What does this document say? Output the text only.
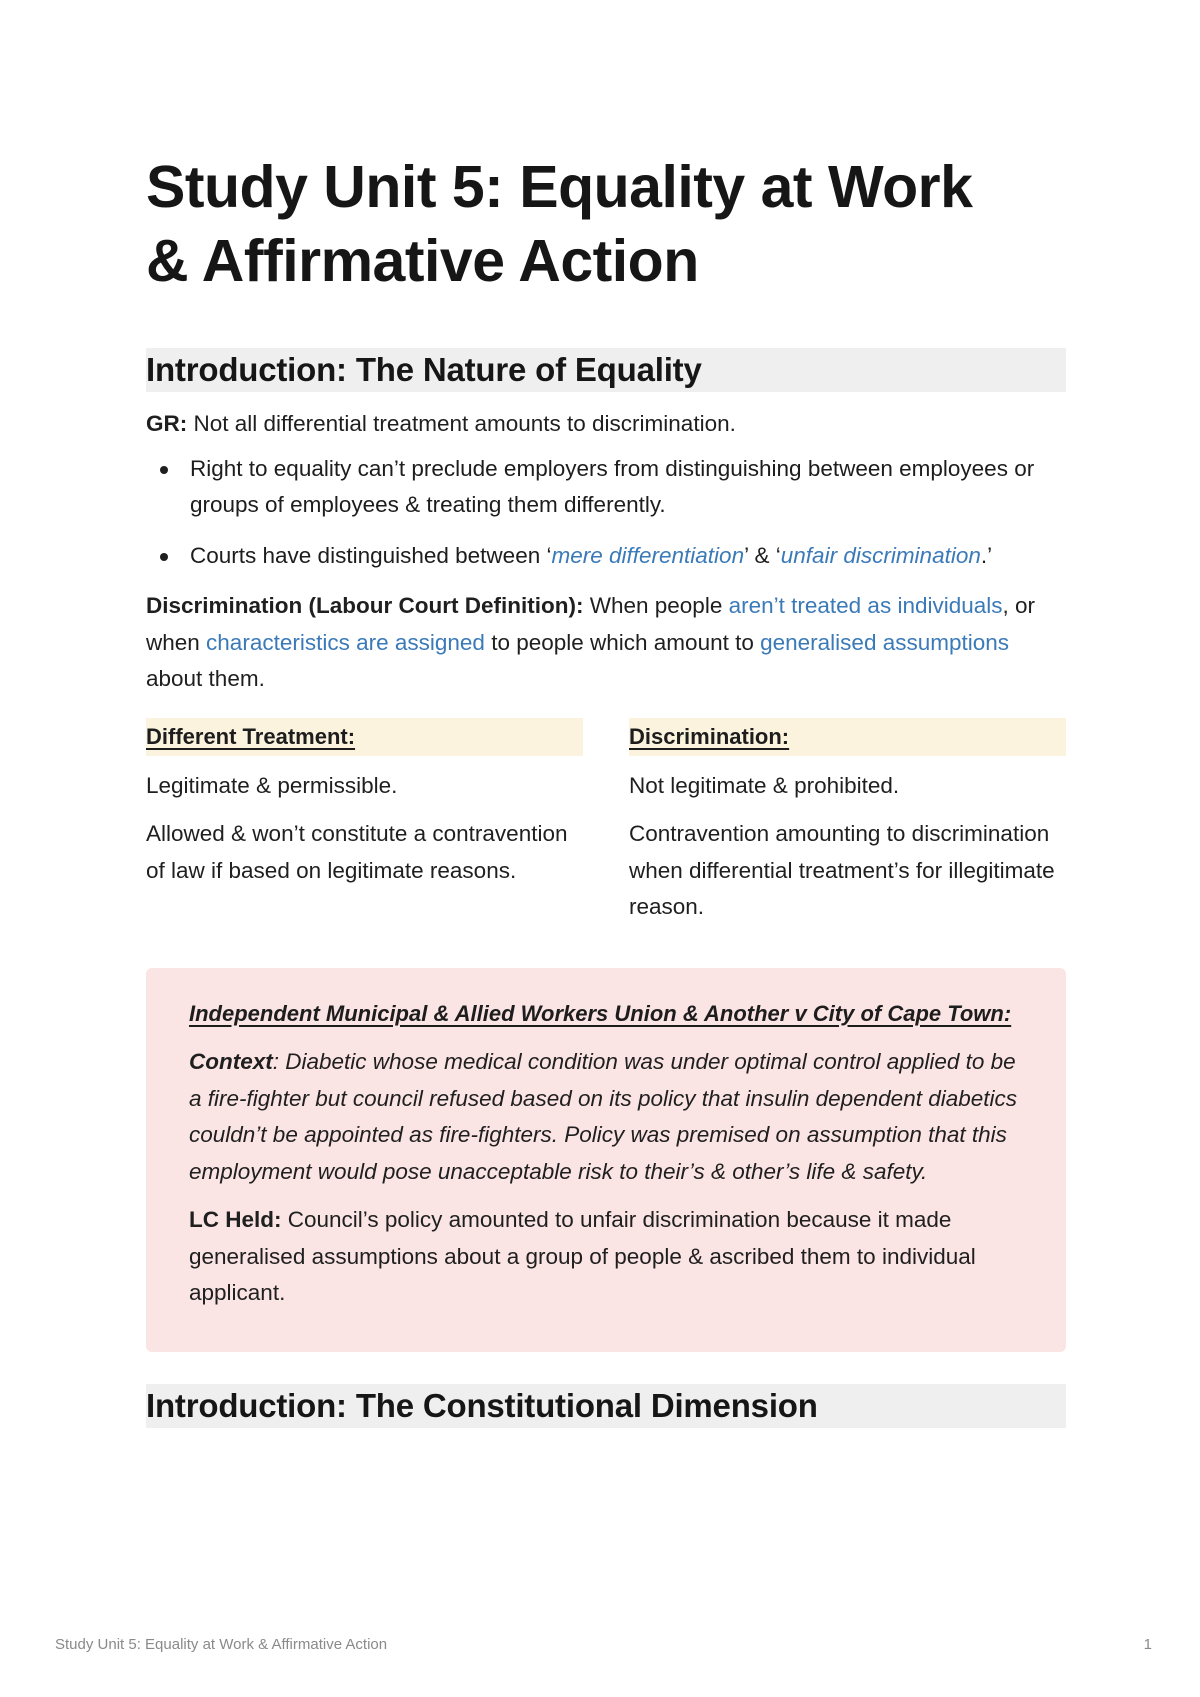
Study Unit 5: Equality at Work
& Affirmative Action
Introduction: The Nature of Equality

GR: Not all differential treatment amounts to discrimination.

Right to equality can’t preclude employers from distinguishing between employees or groups of employees & treating them differently.
Courts have distinguished between ‘mere differentiation’ & ‘unfair discrimination.’

Discrimination (Labour Court Definition): When people aren’t treated as individuals, or when characteristics are assigned to people which amount to generalised assumptions about them.

Different Treatment:

Legitimate & permissible.

Allowed & won’t constitute a contravention of law if based on legitimate reasons.

Discrimination:

Not legitimate & prohibited.

Contravention amounting to discrimination when differential treatment’s for illegitimate reason.

Independent Municipal & Allied Workers Union & Another v City of Cape Town:

Context: Diabetic whose medical condition was under optimal control applied to be a fire-fighter but council refused based on its policy that insulin dependent diabetics couldn’t be appointed as fire-fighters. Policy was premised on assumption that this employment would pose unacceptable risk to their’s & other’s life & safety.

LC Held: Council’s policy amounted to unfair discrimination because it made generalised assumptions about a group of people & ascribed them to individual applicant.

Introduction: The Constitutional Dimension
Study Unit 5: Equality at Work & Affirmative Action	1
